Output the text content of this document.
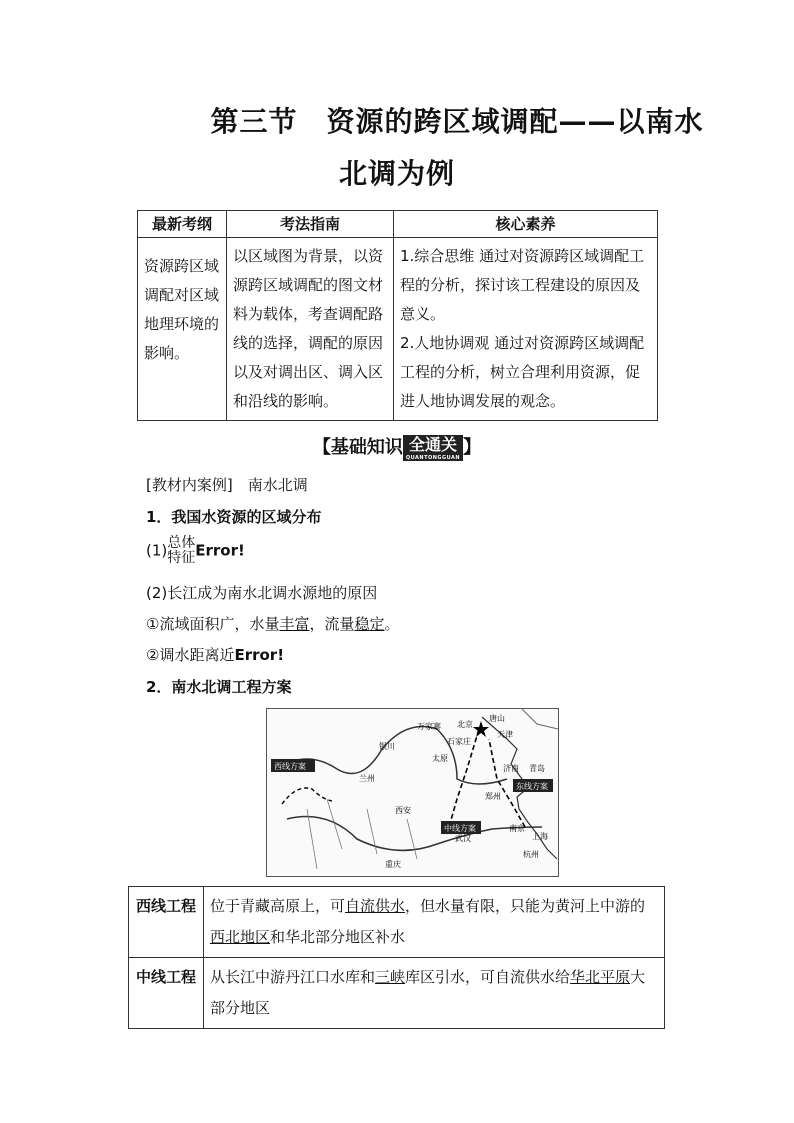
第三节　资源的跨区域调配——以南水
北调为例
最新考纲	考法指南	核心素养
资源跨区域调配对区域地理环境的影响。	以区域图为背景，以资源跨区域调配的图文材料为载体，考查调配路线的选择，调配的原因以及对调出区、调入区和沿线的影响。	1.综合思维 通过对资源跨区域调配工程的分析，探讨该工程建设的原因及意义。
2.人地协调观 通过对资源跨区域调配工程的分析，树立合理利用资源，促进人地协调发展的观念。
【基础知识 全通关
QUANTONGGUAN 】
[教材内案例]　南水北调
1．我国水资源的区域分布
(1)总体
特征Error!
(2)长江成为南水北调水源地的原因
①流域面积广，水量丰富，流量稳定。
②调水距离近Error!
2．南水北调工程方案
北京
唐山
天津
石家庄
银川
太原
济南
兰州
西安
郑州
南京
武汉	上海
杭州
重庆
青岛
万家寨
西线方案
中线方案
东线方案
西线工程	位于青藏高原上，可自流供水，但水量有限，只能为黄河上中游的西北地区和华北部分地区补水
中线工程	从长江中游丹江口水库和三峡库区引水，可自流供水给华北平原大部分地区
